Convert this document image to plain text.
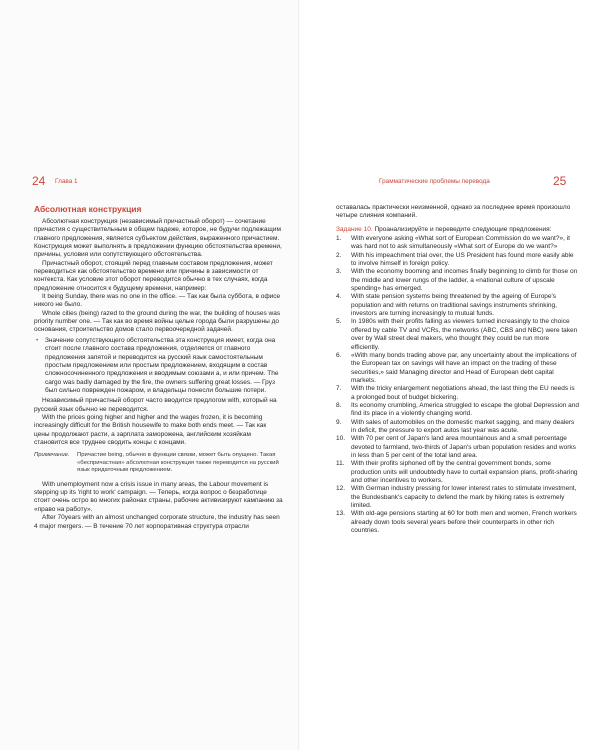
24 Глава 1
Абсолютная конструкция

Абсолютная конструкция (независимый причастный оборот) — сочетание причастия с существительным в общем падеже, которое, не будучи подлежащим главного предложения, является субъектом действия, выраженного причастием. Конструкция может выполнять в предложении функцию обстоятельства времени, причины, условия или сопутствующего обстоятельства.

Причастный оборот, стоящий перед главным составом предложения, может переводиться как обстоятельство времени или причины в зависимости от контекста. Как условие этот оборот переводится обычно в тех случаях, когда предложение относится к будущему времени, например:

It being Sunday, there was no one in the office. — Так как была суббота, в офисе никого не было.

Whole cities (being) razed to the ground during the war, the building of houses was priority number one. — Так как во время войны целые города были разрушены до основания, строительство домов стало первоочередной задачей.

• Значение сопутствующего обстоятельства эта конструкция имеет, когда она стоит после главного состава предложения, отделяется от главного предложения запятой и переводится на русский язык самостоятельным простым предложением или простым предложением, входящим в состав сложносочиненного предложения и вводимым союзами а, и или причем. The cargo was badly damaged by the fire, the owners suffering great losses. — Груз был сильно поврежден пожаром, и владельцы понесли большие потери.

Независимый причастный оборот часто вводится предлогом with, который на русский язык обычно не переводится.

With the prices going higher and higher and the wages frozen, it is becoming increasingly difficult for the British housewife to make both ends meet. — Так как цены продолжают расти, а зарплата заморожена, английским хозяйкам становится все труднее сводить концы с концами.

Примечание.	Причастие being, обычно в функции связки, может быть опущено. Такая «беспричастная» абсолютная конструкция также переводится на русский язык придаточным предложением.

With unemployment now a crisis issue in many areas, the Labour movement is stepping up its 'right to work' campaign. — Теперь, когда вопрос о безработице стоит очень остро во многих районах страны, рабочие активизируют кампанию за «право на работу».

After 70years with an almost unchanged corporate structure, the industry has seen 4 major mergers. — В течение 70 лет корпоративная структура отрасли

Грамматические проблемы перевода	25

оставалась практически неизменной, однако за последнее время произошло четыре слияния компаний.

Задание 10. Проанализируйте и переведите следующие предложения:

1.	With everyone asking «What sort of European Commission do we want?», it was hard not to ask simultaneously «What sort of Europe do we want?»
2.	With his impeachment trial over, the US President has found more easily able to involve himself in foreign policy.
3.	With the economy booming and incomes finally beginning to climb for those on the middle and lower rungs of the ladder, a «national culture of upscale spending» has emerged.
4.	With state pension systems being threatened by the ageing of Europe's population and with returns on traditional savings instruments shrinking, investors are turning increasingly to mutual funds.
5.	In 1980s with their profits falling as viewers turned increasingly to the choice offered by cable TV and VCRs, the networks (ABC, CBS and NBC) were taken over by Wall street deal makers, who thought they could be run more efficiently.
6.	«With many bonds trading above par, any uncertainty about the implications of the European tax on savings will have an impact on the trading of these securities,» said Managing director and Head of European debt capital markets.
7.	With the tricky enlargement negotiations ahead, the last thing the EU needs is a prolonged bout of budget bickering.
8.	Its economy crumbling, America struggled to escape the global Depression and find its place in a violently changing world.
9.	With sales of automobiles on the domestic market sagging, and many dealers in deficit, the pressure to export autos last year was acute.
10. With 70 per cent of Japan's land area mountainous and a small percentage devoted to farmland, two-thirds of Japan's urban population resides and works in less than 5 per cent of the total land area.
11. With their profits siphoned off by the central government bonds, some production units will undoubtedly have to curtail expansion plans, profit-sharing and other incentives to workers.
12. With German industry pressing for lower interest rates to stimulate investment, the Bundesbank's capacity to defend the mark by hiking rates is extremely limited.
13. With old-age pensions starting at 60 for both men and women, French workers already down tools several years before their counterparts in other rich countries.
